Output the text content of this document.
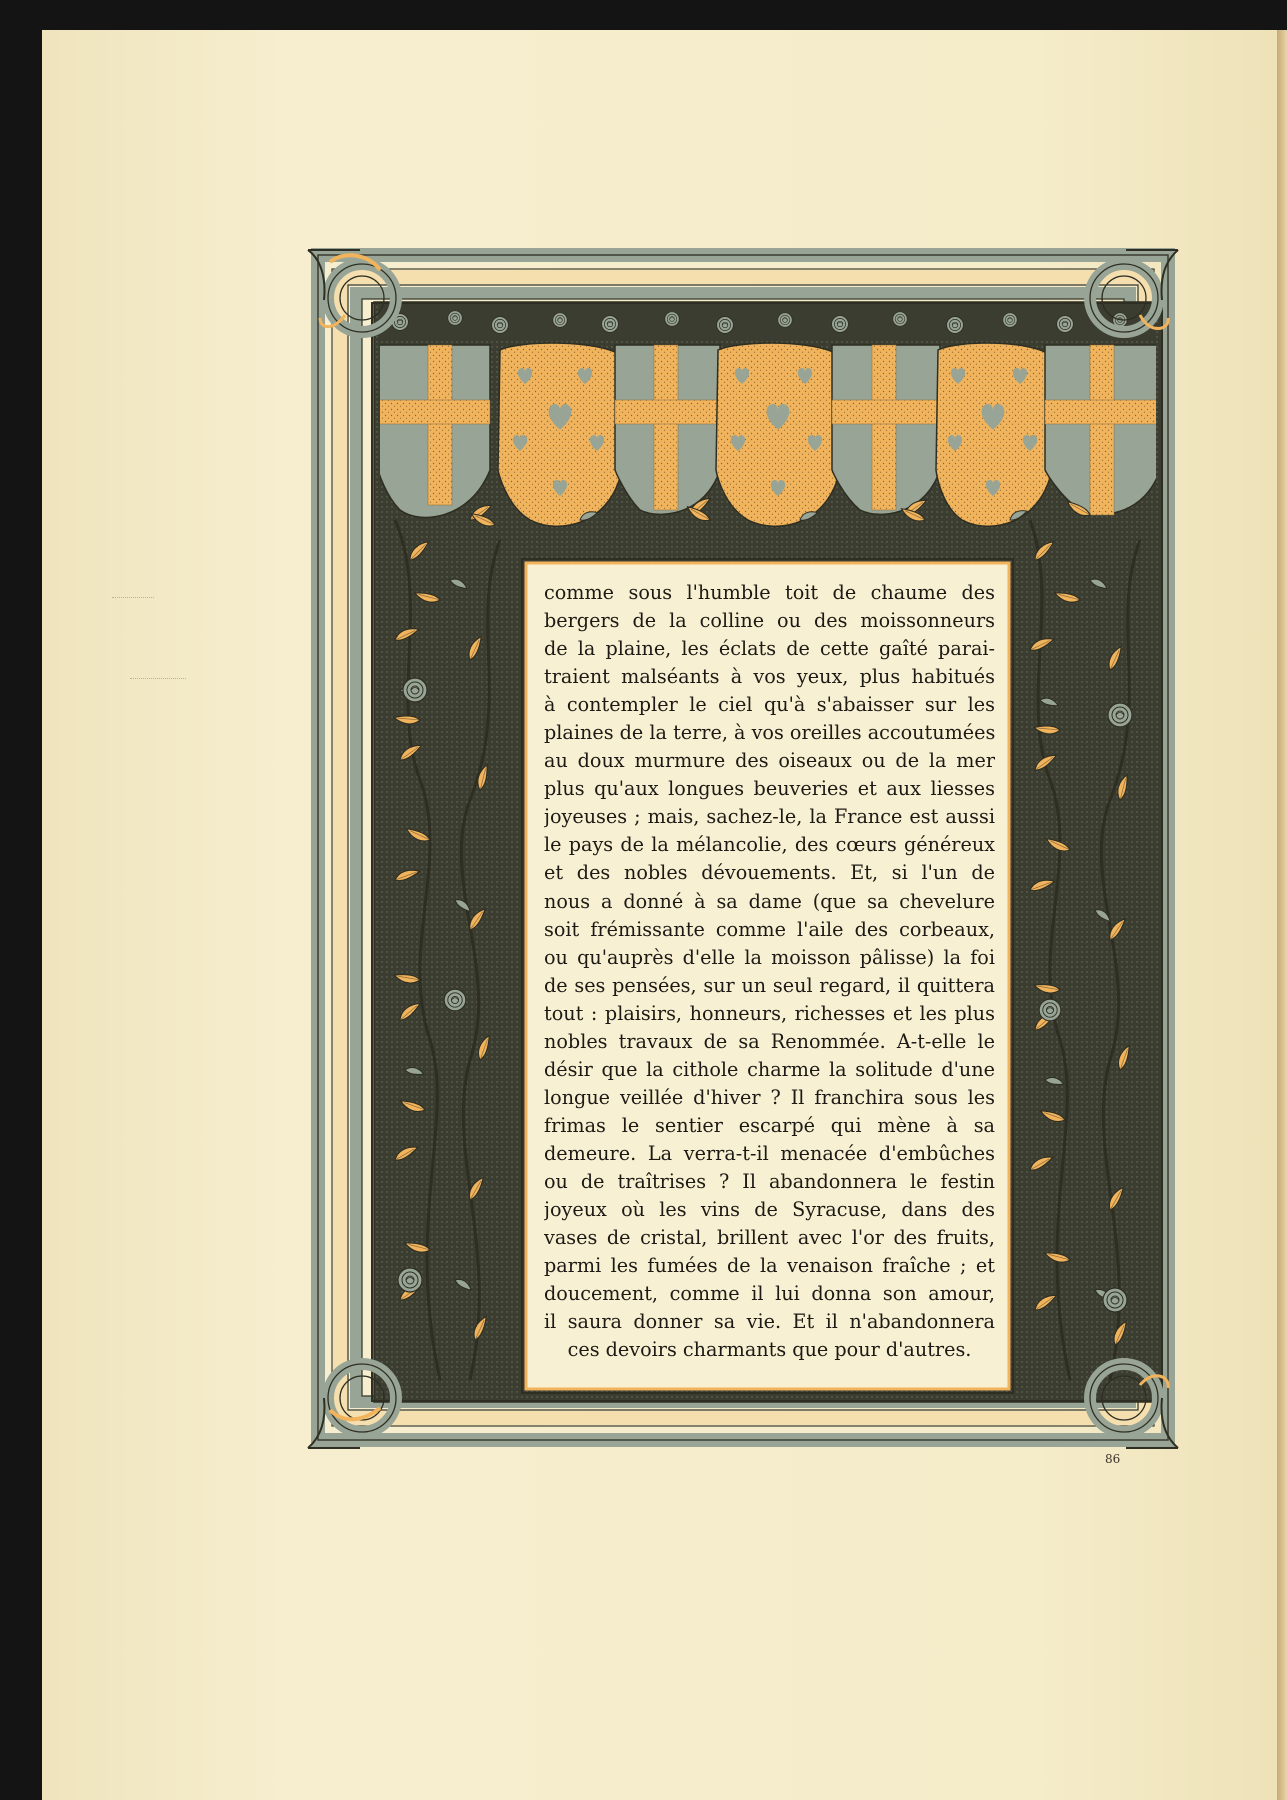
comme sous l'humble toit de chaume des
bergers de la colline ou des moissonneurs
de la plaine, les éclats de cette gaîté parai-
traient malséants à vos yeux, plus habitués
à contempler le ciel qu'à s'abaisser sur les
plaines de la terre, à vos oreilles accoutumées
au doux murmure des oiseaux ou de la mer
plus qu'aux longues beuveries et aux liesses
joyeuses ; mais, sachez-le, la France est aussi
le pays de la mélancolie, des cœurs généreux
et des nobles dévouements. Et, si l'un de
nous a donné à sa dame (que sa chevelure
soit frémissante comme l'aile des corbeaux,
ou qu'auprès d'elle la moisson pâlisse) la foi
de ses pensées, sur un seul regard, il quittera
tout : plaisirs, honneurs, richesses et les plus
nobles travaux de sa Renommée. A-t-elle le
désir que la cithole charme la solitude d'une
longue veillée d'hiver ? Il franchira sous les
frimas le sentier escarpé qui mène à sa
demeure. La verra-t-il menacée d'embûches
ou de traîtrises ? Il abandonnera le festin
joyeux où les vins de Syracuse, dans des
vases de cristal, brillent avec l'or des fruits,
parmi les fumées de la venaison fraîche ; et
doucement, comme il lui donna son amour,
il saura donner sa vie. Et il n'abandonnera
ces devoirs charmants que pour d'autres.
86
